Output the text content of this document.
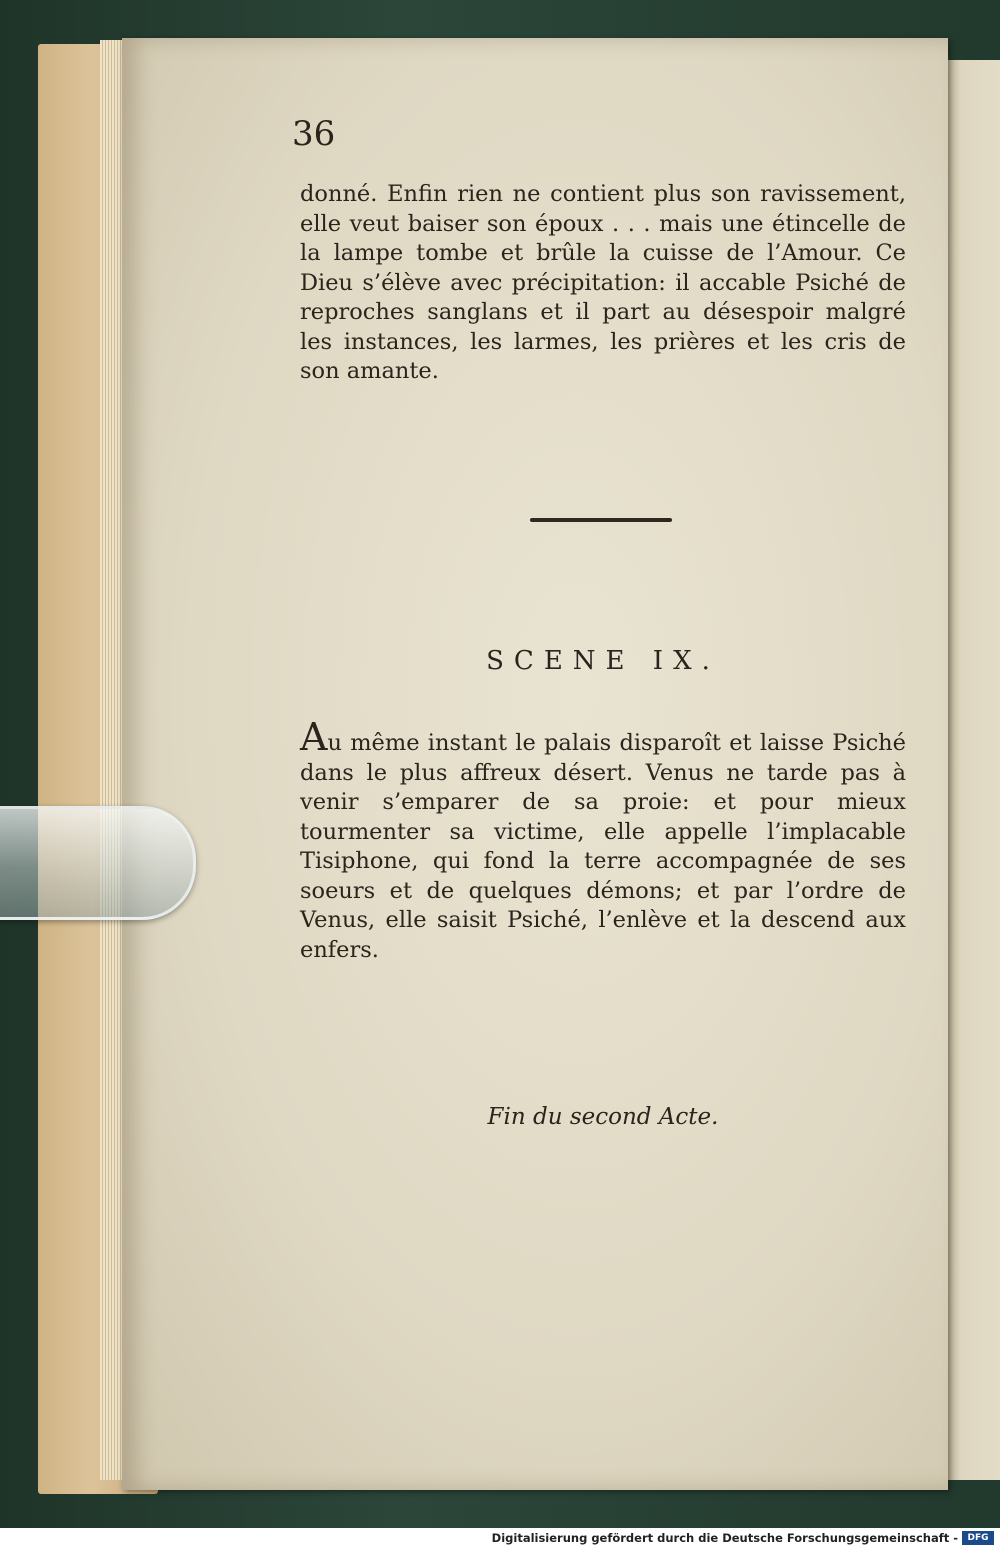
36
donné. Enfin rien ne contient plus son ravissement, elle veut baiser son époux . . . mais une étincelle de la lampe tombe et brûle la cuisse de l’Amour. Ce Dieu s’élève avec précipitation: il accable Psiché de reproches sanglans et il part au désespoir malgré les instances, les larmes, les prières et les cris de son amante.
SCENE IX.
Au même instant le palais disparoît et laisse Psiché dans le plus affreux désert. Venus ne tarde pas à venir s’emparer de sa proie: et pour mieux tourmenter sa victime, elle appelle l’implacable Tisiphone, qui fond la terre accompagnée de ses soeurs et de quelques démons; et par l’ordre de Venus, elle saisit Psiché, l’enlève et la descend aux enfers.
Fin du second Acte.
Digitalisierung gefördert durch die Deutsche Forschungsgemeinschaft -	DFG
